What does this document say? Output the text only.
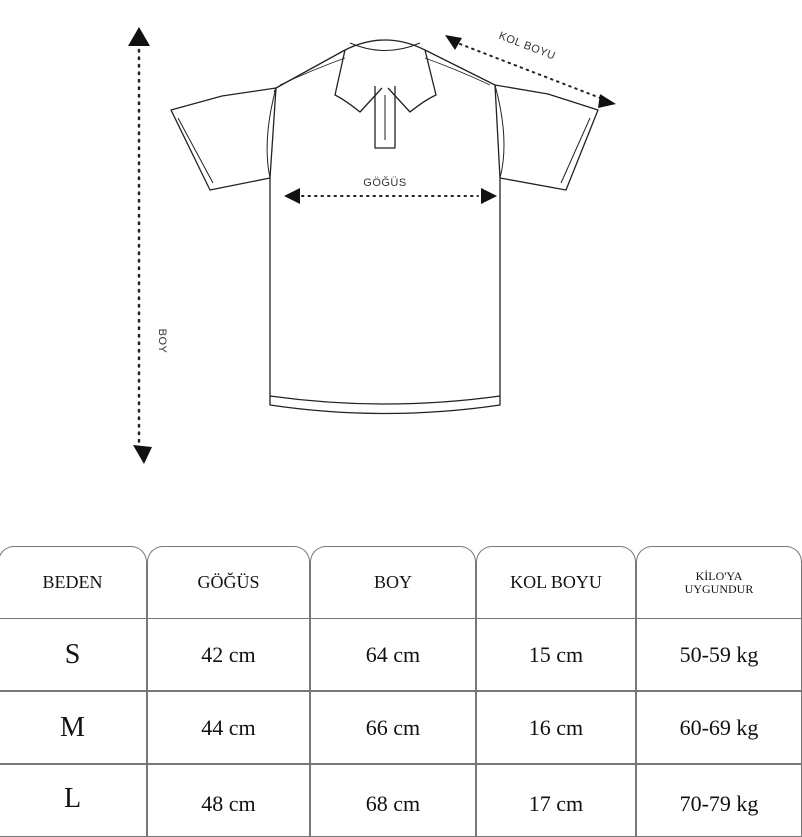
BOY
GÖĞÜS
KOL BOYU
BEDEN	GÖĞÜS	BOY	KOL BOYU	KİLO'YA
UYGUNDUR
S	42 cm	64 cm	15 cm	50-59 kg
M	44 cm	66 cm	16 cm	60-69 kg
L	48 cm	68 cm	17 cm	70-79 kg
